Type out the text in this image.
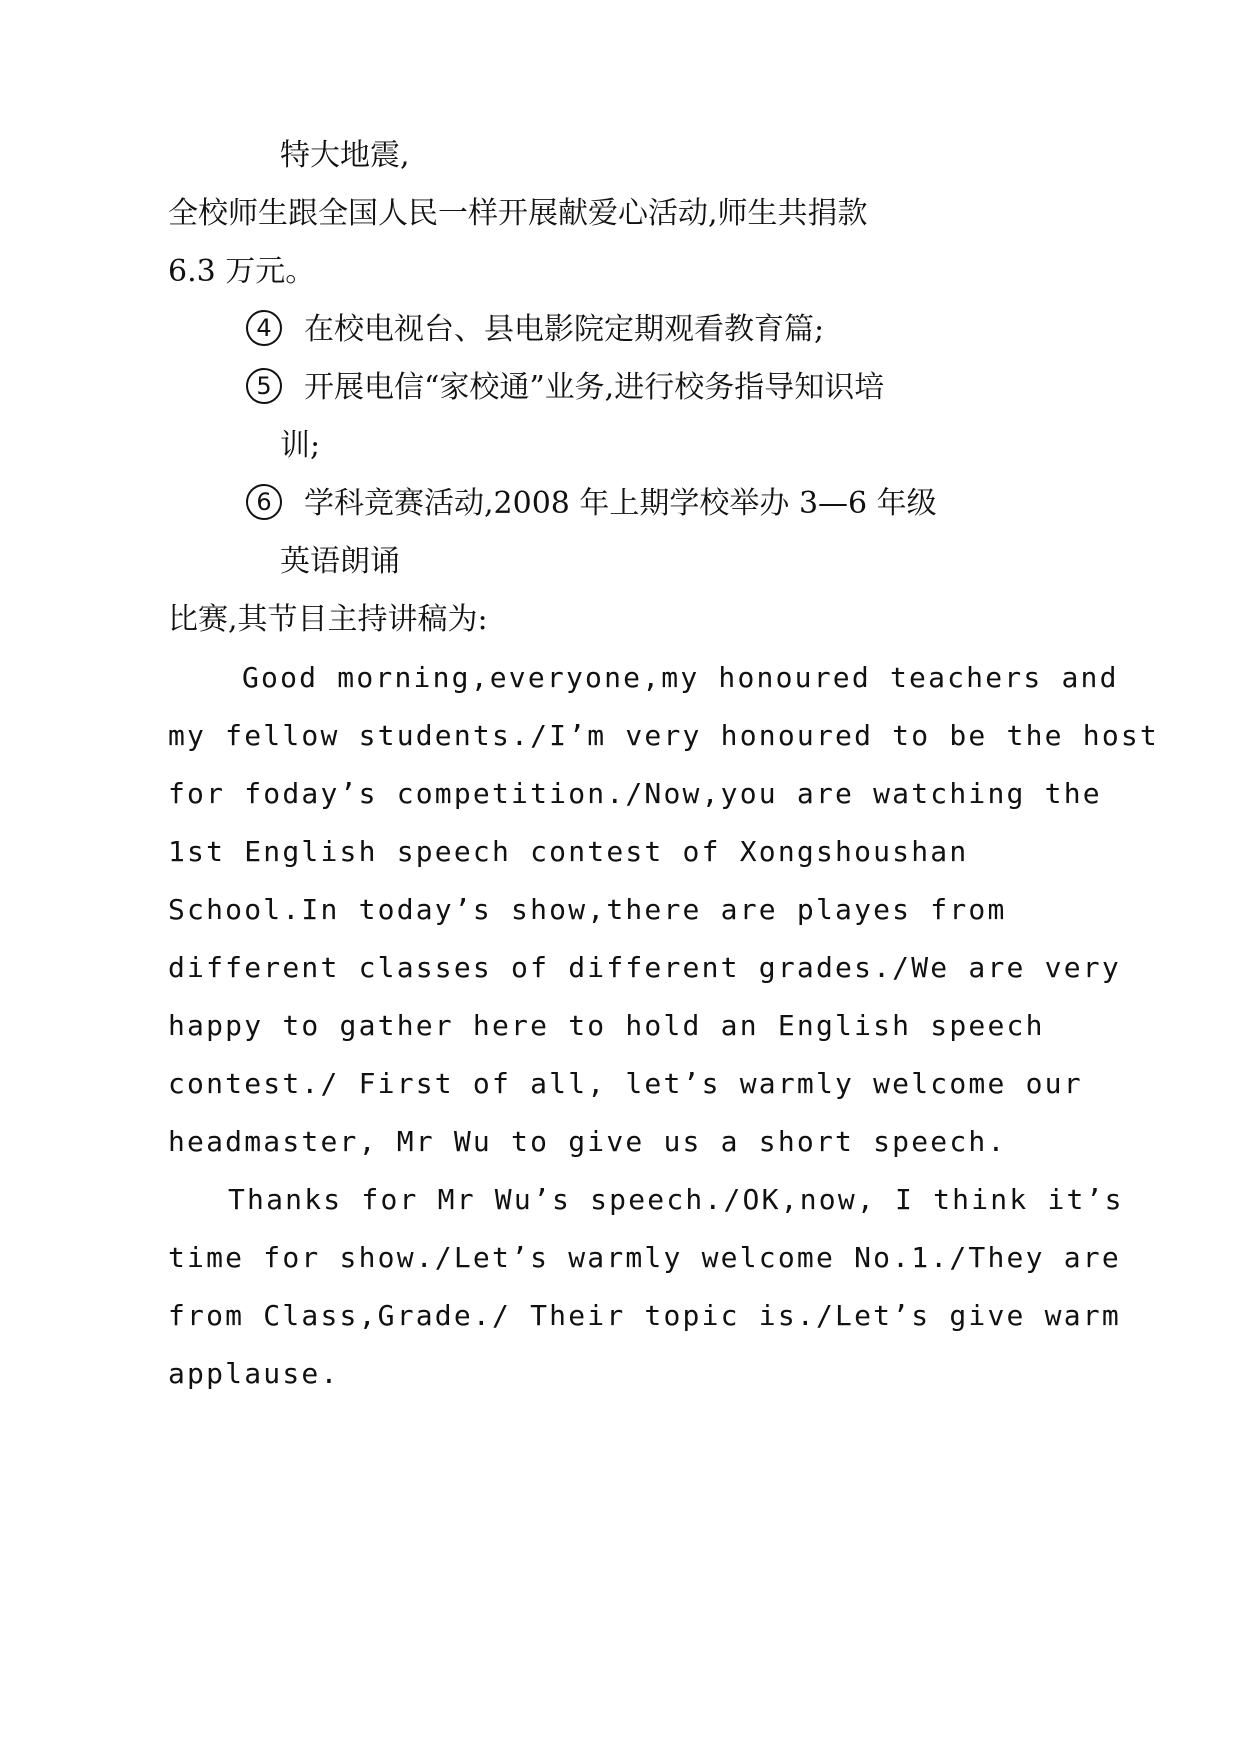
特大地震,
全校师生跟全国人民一样开展献爱心活动,师生共捐款
6.3 万元。
4 在校电视台、县电影院定期观看教育篇;
5 开展电信“家校通”业务,进行校务指导知识培
训;
6 学科竞赛活动,2008 年上期学校举办 3—6 年级
英语朗诵
比赛,其节目主持讲稿为:
Good morning,everyone,my honoured teachers and
my fellow students./I’m very honoured to be the host
for foday’s competition./Now,you are watching the
1st English speech contest of Xongshoushan
School.In today’s show,there are playes from
different classes of different grades./We are very
happy to gather here to hold an English speech
contest./ First of all, let’s warmly welcome our
headmaster, Mr Wu to give us a short speech.
Thanks for Mr Wu’s speech./OK,now, I think it’s
time for show./Let’s warmly welcome No.1./They are
from Class,Grade./ Their topic is./Let’s give warm
applause.
